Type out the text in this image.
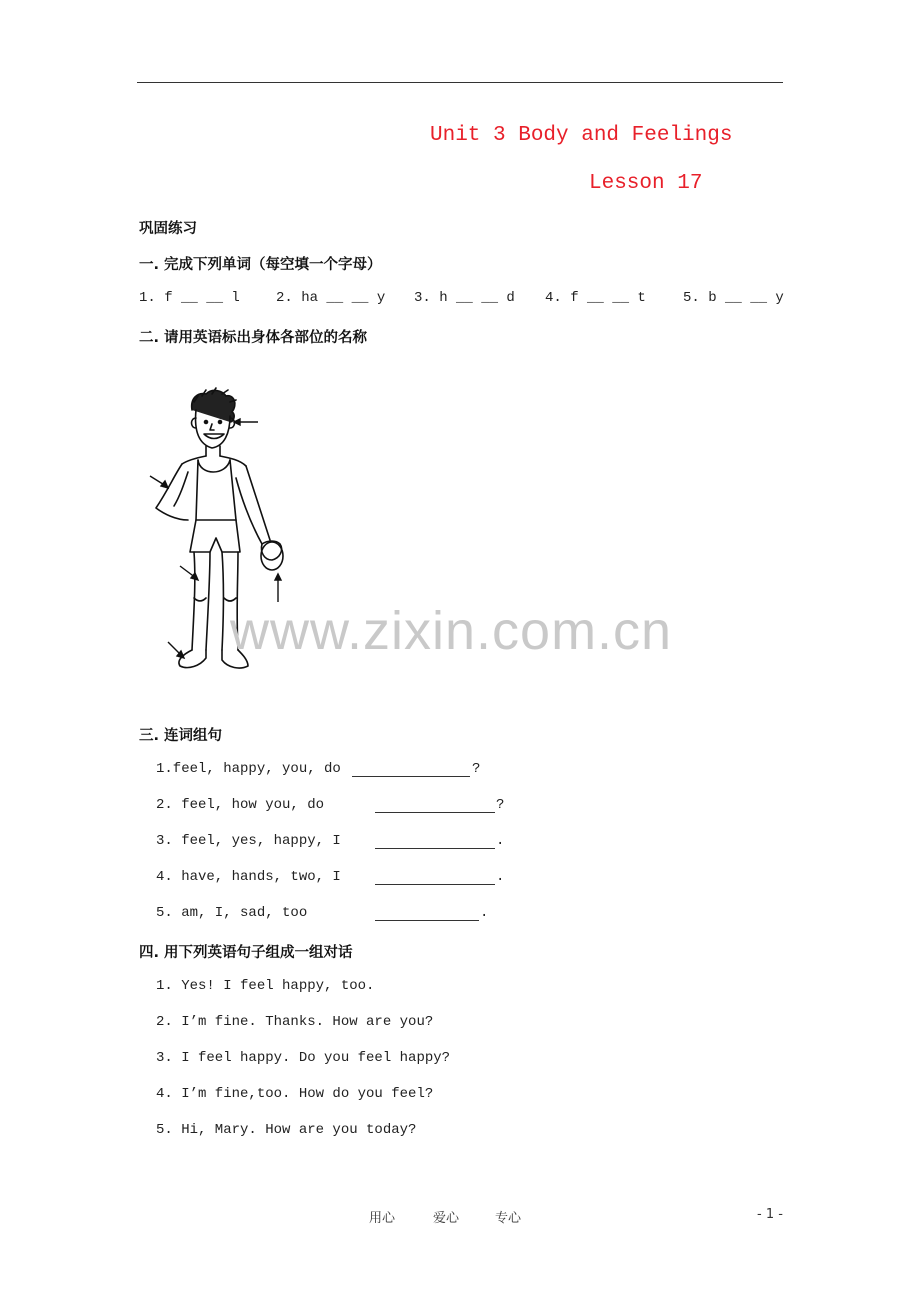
Unit 3 Body and Feelings
Lesson 17
巩固练习
一. 完成下列单词（每空填一个字母）
1. f __ __ l	2. ha __ __ y 3. h __ __ d 4. f __ __ t	5. b __ __ y
二. 请用英语标出身体各部位的名称
www.zixin.com.cn
三. 连词组句
1.feel, happy, you, do	?
2. feel, how you, do	?
3. feel, yes, happy, I	.
4. have, hands, two, I	.
5. am, I, sad, too	.
四. 用下列英语句子组成一组对话
1. Yes! I feel happy, too.
2. I’m fine. Thanks. How are you?
3. I feel happy. Do you feel happy?
4. I’m fine,too. How do you feel?
5. Hi, Mary. How are you today?
用心	爱心	专心	- 1 -
